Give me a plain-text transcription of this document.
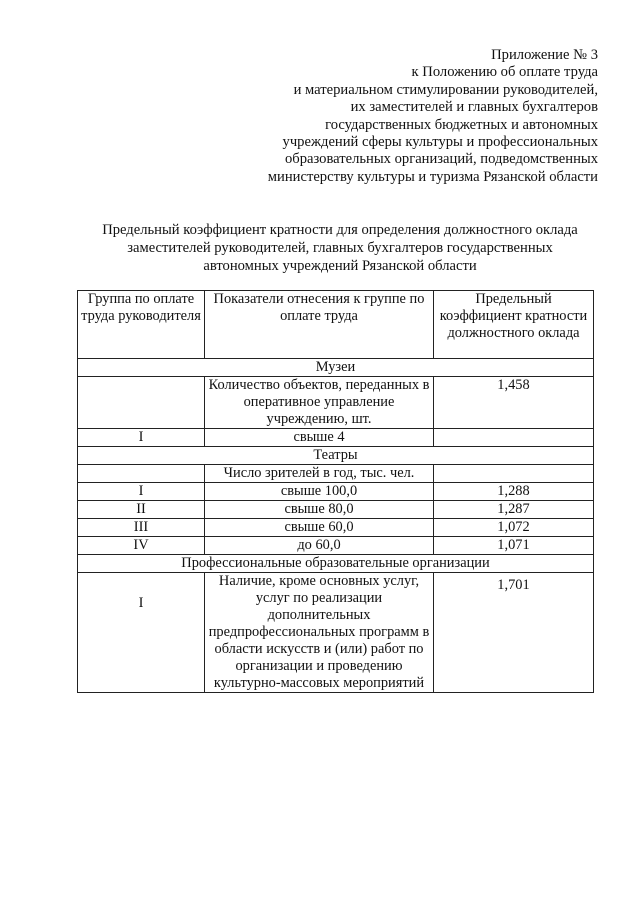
Приложение № 3
к Положению об оплате труда
и материальном стимулировании руководителей,
их заместителей и главных бухгалтеров
государственных бюджетных и автономных
учреждений сферы культуры и профессиональных
образовательных организаций, подведомственных
министерству культуры и туризма Рязанской области
Предельный коэффициент кратности для определения должностного оклада
заместителей руководителей, главных бухгалтеров государственных
автономных учреждений Рязанской области
Группа по оплате труда руководителя	Показатели отнесения к группе по оплате труда	Предельный коэффициент кратности должностного оклада
Музеи		
	Количество объектов, переданных в оперативное управление учреждению, шт.	1,458
I	свыше 4	
Театры		
	Число зрителей в год, тыс. чел.	
I	свыше 100,0	1,288
II	свыше 80,0	1,287
III	свыше 60,0	1,072
IV	до 60,0	1,071
Профессиональные образовательные организации		
I	Наличие, кроме основных услуг, услуг по реализации дополнительных предпрофессиональных программ в области искусств и (или) работ по организации и проведению культурно-массовых мероприятий	1,701
